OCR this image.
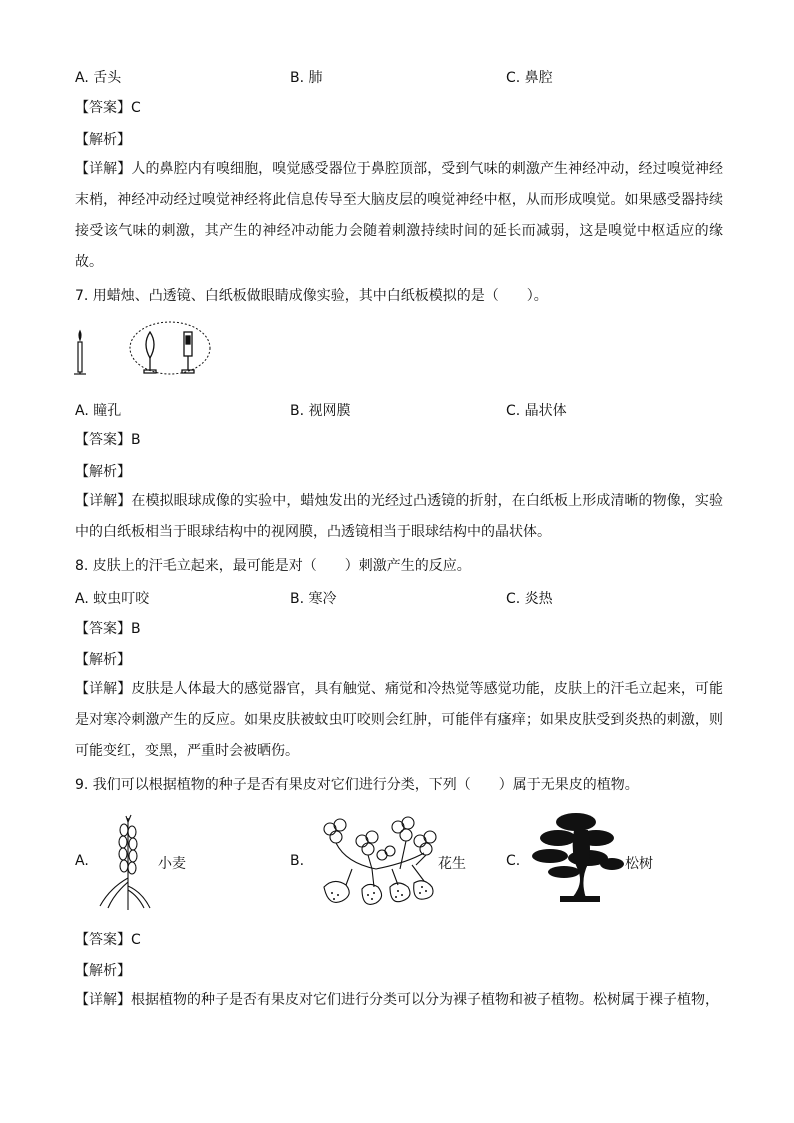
A. 舌头	B. 肺	C. 鼻腔
【答案】C
【解析】
【详解】人的鼻腔内有嗅细胞，嗅觉感受器位于鼻腔顶部，受到气味的刺激产生神经冲动，经过嗅觉神经末梢，神经冲动经过嗅觉神经将此信息传导至大脑皮层的嗅觉神经中枢，从而形成嗅觉。如果感受器持续接受该气味的刺激，其产生的神经冲动能力会随着刺激持续时间的延长而减弱，这是嗅觉中枢适应的缘故。
7. 用蜡烛、凸透镜、白纸板做眼睛成像实验，其中白纸板模拟的是（　　）。
A. 瞳孔	B. 视网膜	C. 晶状体
【答案】B
【解析】
【详解】在模拟眼球成像的实验中，蜡烛发出的光经过凸透镜的折射，在白纸板上形成清晰的物像，实验中的白纸板相当于眼球结构中的视网膜，凸透镜相当于眼球结构中的晶状体。
8. 皮肤上的汗毛立起来，最可能是对（　　）刺激产生的反应。
A. 蚊虫叮咬	B. 寒冷	C. 炎热
【答案】B
【解析】
【详解】皮肤是人体最大的感觉器官，具有触觉、痛觉和冷热觉等感觉功能，皮肤上的汗毛立起来，可能是对寒冷刺激产生的反应。如果皮肤被蚊虫叮咬则会红肿，可能伴有瘙痒；如果皮肤受到炎热的刺激，则可能变红，变黑，严重时会被晒伤。
9. 我们可以根据植物的种子是否有果皮对它们进行分类，下列（　　）属于无果皮的植物。
A.	小麦	B.	花生	C.	松树
【答案】C
【解析】
【详解】根据植物的种子是否有果皮对它们进行分类可以分为裸子植物和被子植物。松树属于裸子植物，
